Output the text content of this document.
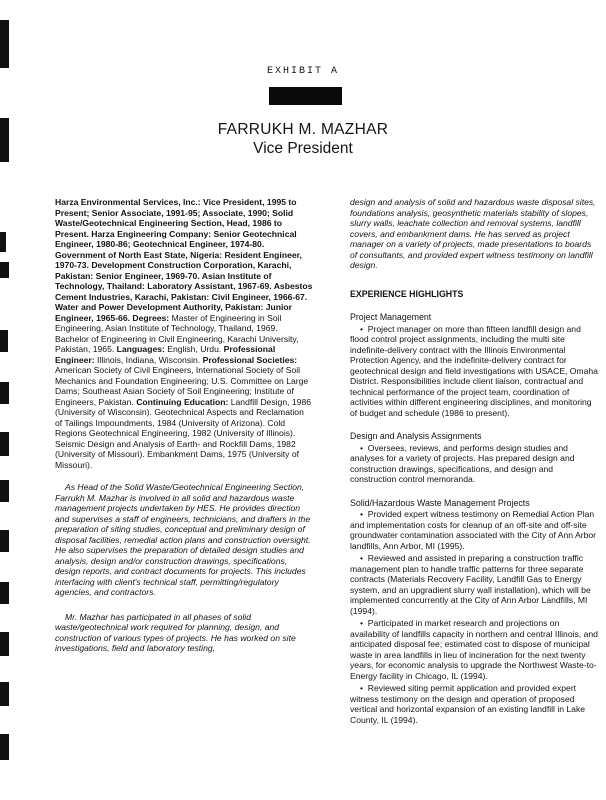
EXHIBIT A
FARRUKH M. MAZHAR
Vice President
Harza Environmental Services, Inc.: Vice President, 1995 to Present; Senior Associate, 1991-95; Associate, 1990; Solid Waste/Geotechnical Engineering Section, Head, 1986 to Present. Harza Engineering Company: Senior Geotechnical Engineer, 1980-86; Geotechnical Engineer, 1974-80. Government of North East State, Nigeria: Resident Engineer, 1970-73. Development Construction Corporation, Karachi, Pakistan: Senior Engineer, 1969-70. Asian Institute of Technology, Thailand: Laboratory Assistant, 1967-69. Asbestos Cement Industries, Karachi, Pakistan: Civil Engineer, 1966-67. Water and Power Development Authority, Pakistan: Junior Engineer, 1965-66. Degrees: Master of Engineering in Soil Engineering, Asian Institute of Technology, Thailand, 1969. Bachelor of Engineering in Civil Engineering, Karachi University, Pakistan, 1965. Languages: English, Urdu. Professional Engineer: Illinois, Indiana, Wisconsin. Professional Societies: American Society of Civil Engineers, International Society of Soil Mechanics and Foundation Engineering; U.S. Committee on Large Dams; Southeast Asian Society of Soil Engineering; Institute of Engineers, Pakistan. Continuing Education: Landfill Design, 1986 (University of Wisconsin). Geotechnical Aspects and Reclamation of Tailings Impoundments, 1984 (University of Arizona). Cold Regions Geotechnical Engineering, 1982 (University of Illinois). Seismic Design and Analysis of Earth- and Rockfill Dams, 1982 (University of Missouri). Embankment Dams, 1975 (University of Missouri).

As Head of the Solid Waste/Geotechnical Engineering Section, Farrukh M. Mazhar is involved in all solid and hazardous waste management projects undertaken by HES. He provides direction and supervises a staff of engineers, technicians, and drafters in the preparation of siting studies, conceptual and preliminary design of disposal facilities, remedial action plans and construction oversight. He also supervises the preparation of detailed design studies and analysis, design and/or construction drawings, specifications, design reports, and contract documents for projects. This includes interfacing with client's technical staff, permitting/regulatory agencies, and contractors.

Mr. Mazhar has participated in all phases of solid waste/geotechnical work required for planning, design, and construction of various types of projects. He has worked on site investigations, field and laboratory testing,

design and analysis of solid and hazardous waste disposal sites, foundations analysis, geosynthetic materials stability of slopes, slurry walls, leachate collection and removal systems, landfill covers, and embankment dams. He has served as project manager on a variety of projects, made presentations to boards of consultants, and provided expert witness testimony on landfill design.

EXPERIENCE HIGHLIGHTS
Project Management

•  Project manager on more than fifteen landfill design and flood control project assignments, including the multi site indefinite-delivery contract with the Illinois Environmental Protection Agency, and the indefinite-delivery contract for geotechnical design and field investigations with USACE, Omaha District. Responsibilities include client liaison, contractual and technical performance of the project team, coordination of activities within different engineering disciplines, and monitoring of budget and schedule (1986 to present).

Design and Analysis Assignments

•  Oversees, reviews, and performs design studies and analyses for a variety of projects. Has prepared design and construction drawings, specifications, and design and construction control memoranda.

Solid/Hazardous Waste Management Projects

•  Provided expert witness testimony on Remedial Action Plan and implementation costs for cleanup of an off-site and off-site groundwater contamination associated with the City of Ann Arbor landfills, Ann Arbor, MI (1995).

•  Reviewed and assisted in preparing a construction traffic management plan to handle traffic patterns for three separate contracts (Materials Recovery Facility, Landfill Gas to Energy system, and an upgradient slurry wall installation), which will be implemented concurrently at the City of Ann Arbor Landfills, MI (1994).

•  Participated in market research and projections on availability of landfills capacity in northern and central Illinois, and anticipated disposal fee; estimated cost to dispose of municipal waste in area landfills in lieu of incineration for the next twenty years, for economic analysis to upgrade the Northwest Waste-to-Energy facility in Chicago, IL (1994).

•  Reviewed siting permit application and provided expert witness testimony on the design and operation of proposed vertical and horizontal expansion of an existing landfill in Lake County, IL (1994).
